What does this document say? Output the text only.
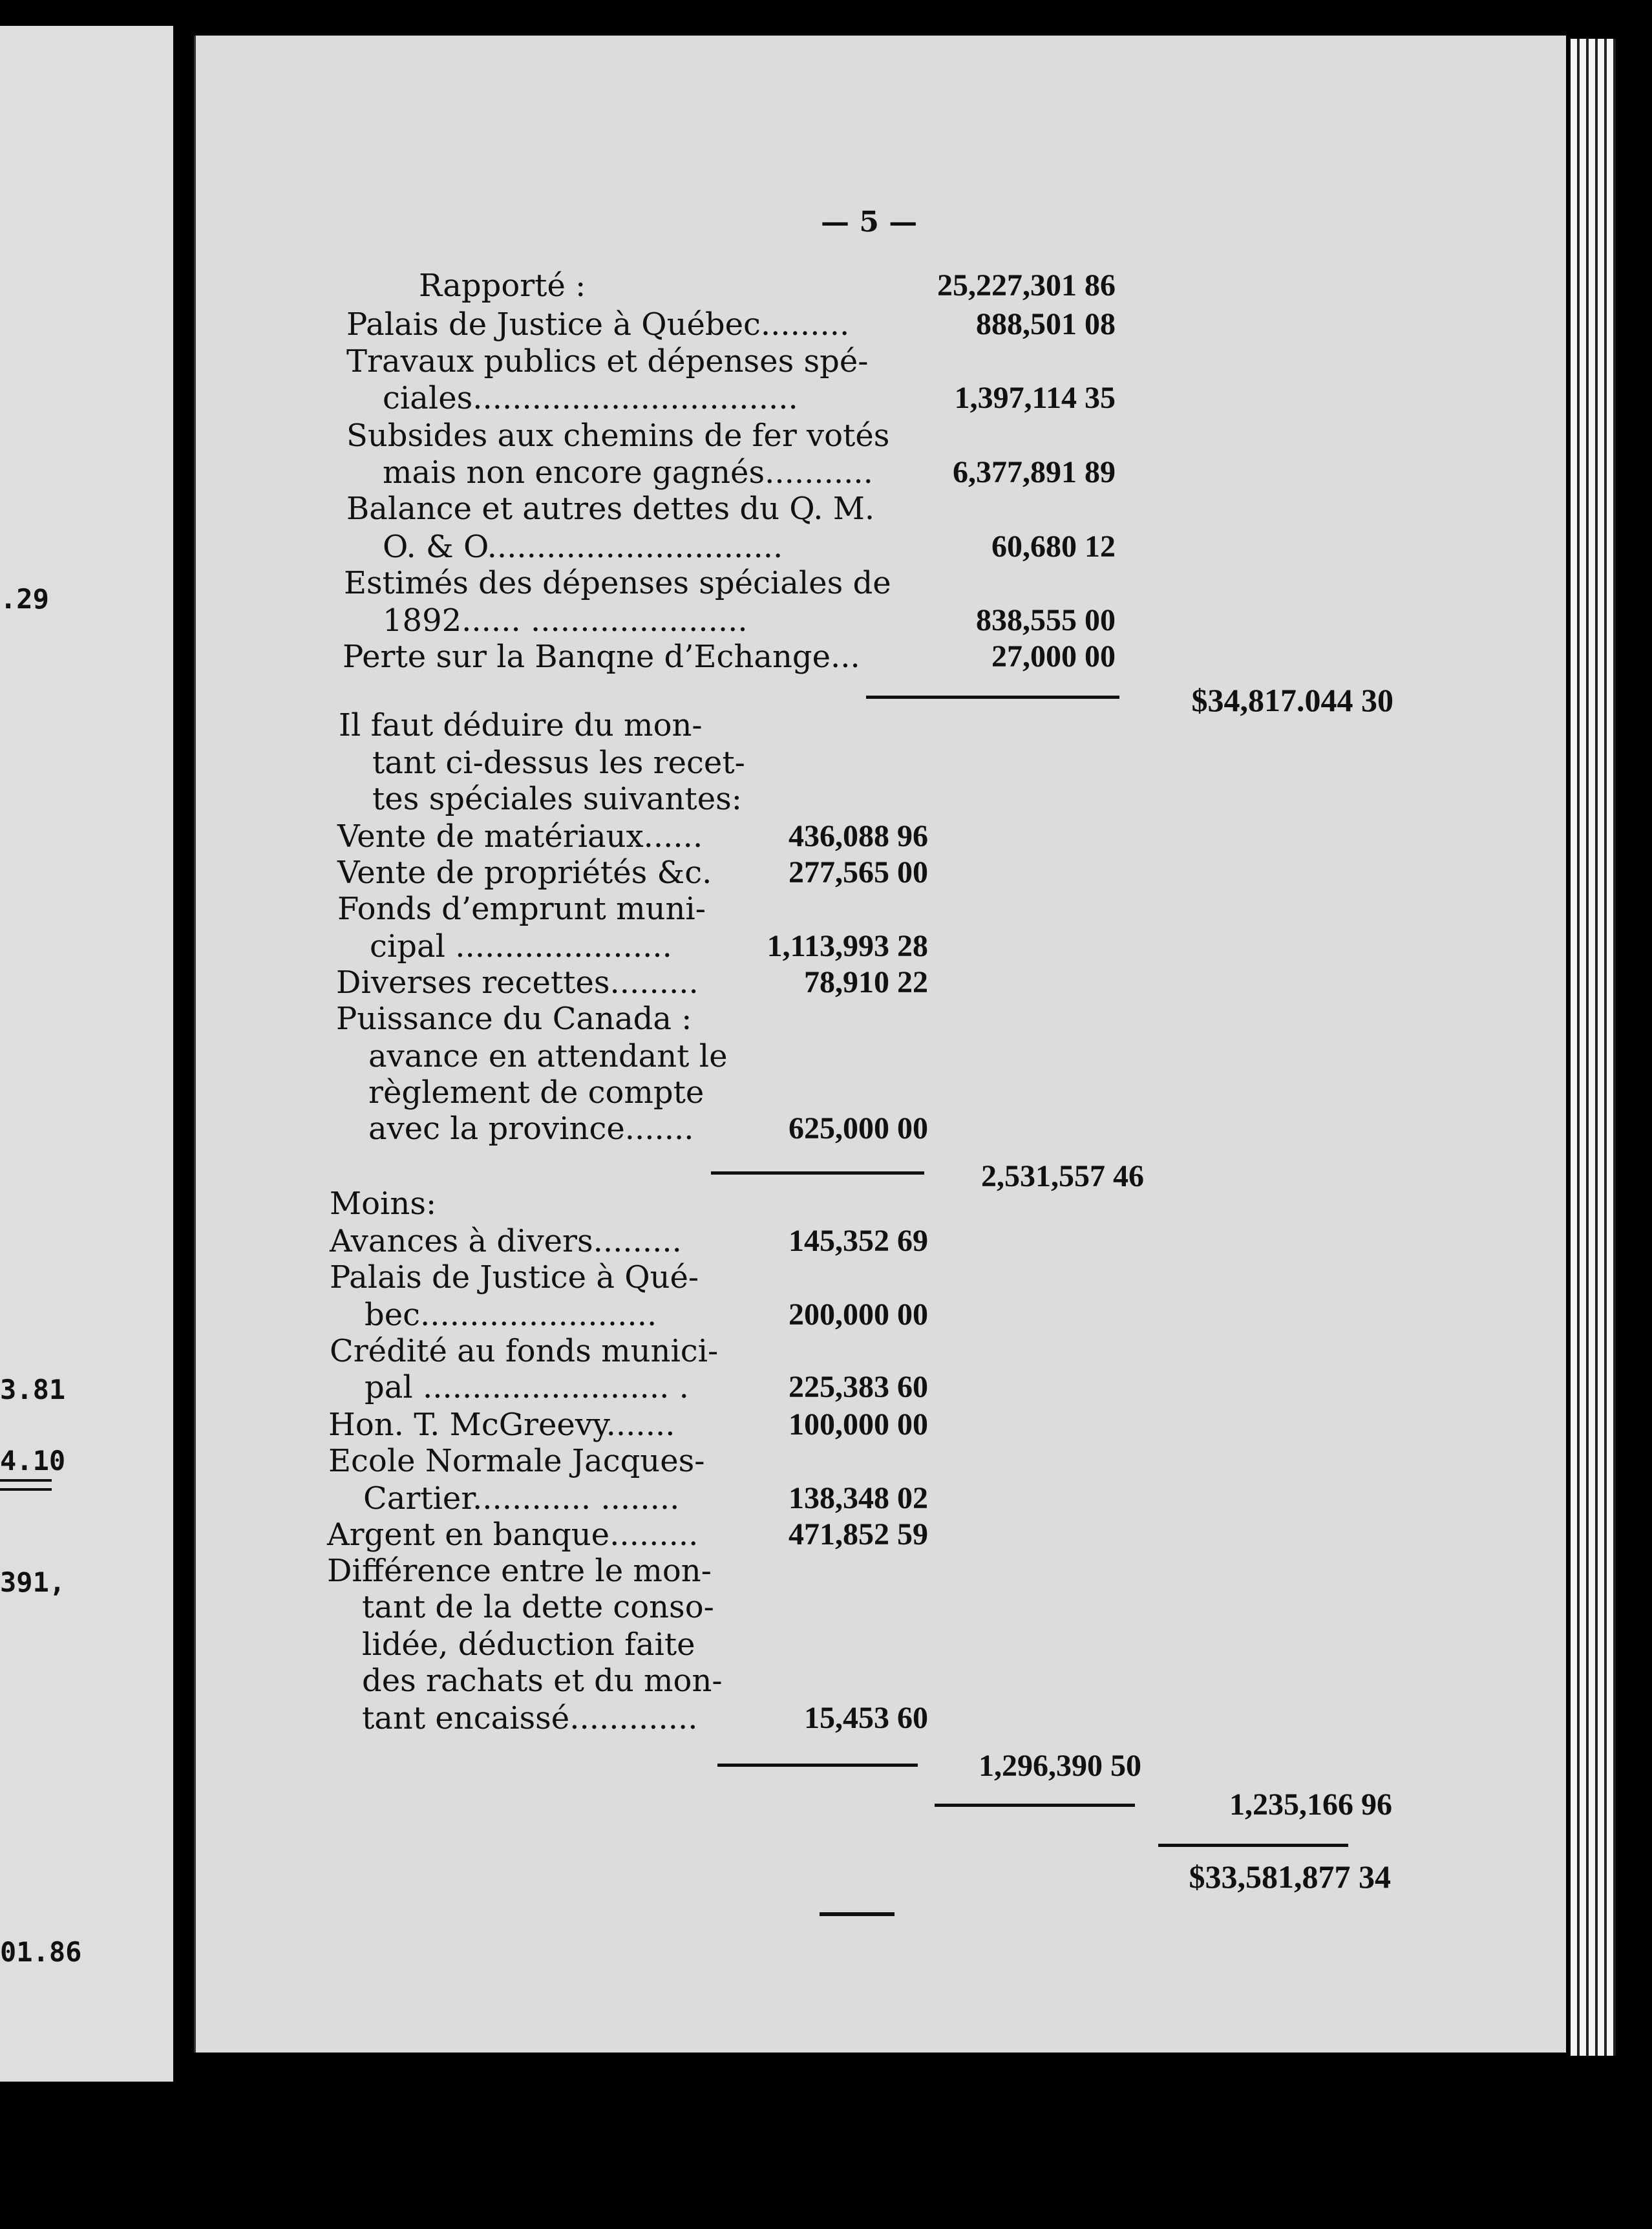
.29
3.81
4.10
391,
01.86
— 5 —
Rapporté :	25,227,301 86
Palais de Justice à Québec.........	888,501 08
Travaux publics et dépenses spé-
ciales.................................	1,397,114 35
Subsides aux chemins de fer votés
mais non encore gagnés...........	6,377,891 89
Balance et autres dettes du Q. M.
O. & O..............................	60,680 12
Estimés des dépenses spéciales de
1892...... ......................	838,555 00
Perte sur la Banqne d’Echange...	27,000 00
$34,817.044 30
Il faut déduire du mon-
tant ci-dessus les recet-
tes spéciales suivantes:
Vente de matériaux......	436,088 96
Vente de propriétés &c. 277,565 00
Fonds d’emprunt muni-
cipal ......................	1,113,993 28
Diverses recettes.........	78,910 22
Puissance du Canada :
avance en attendant le
règlement de compte
avec la province.......	625,000 00
2,531,557 46
Moins:
Avances à divers.........	145,352 69
Palais de Justice à Qué-
bec........................	200,000 00
Crédité au fonds munici-
pal ......................... .	225,383 60
Hon. T. McGreevy.......	100,000 00
Ecole Normale Jacques-
Cartier............ ........	138,348 02
Argent en banque.........	471,852 59
Différence entre le mon-
tant de la dette conso-
lidée, déduction faite
des rachats et du mon-
tant encaissé.............	15,453 60
1,296,390 50
1,235,166 96
$33,581,877 34
